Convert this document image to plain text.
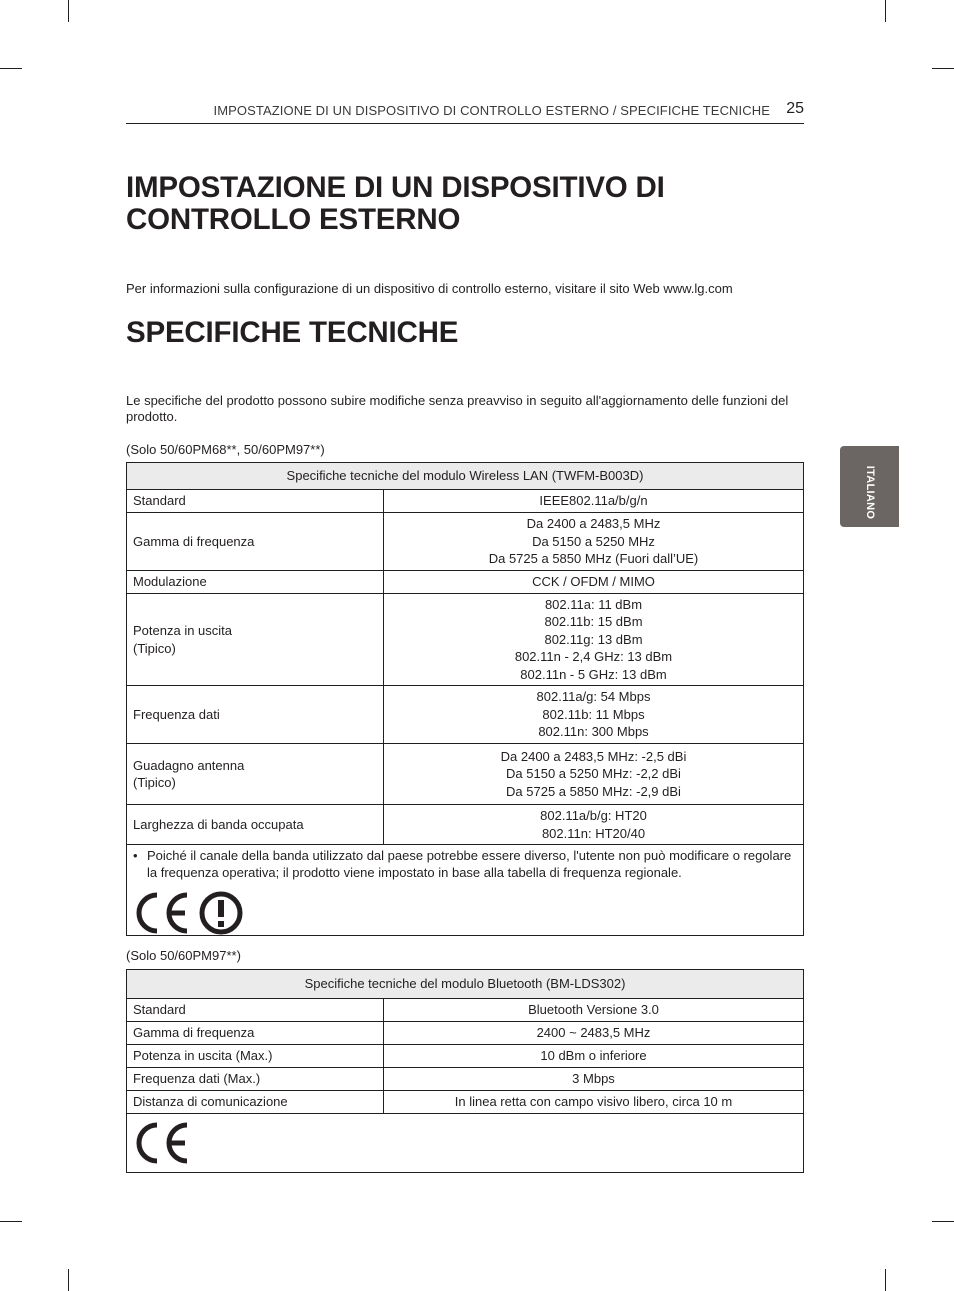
IMPOSTAZIONE DI UN DISPOSITIVO DI CONTROLLO ESTERNO / SPECIFICHE TECNICHE 25
ITALIANO
IMPOSTAZIONE DI UN DISPOSITIVO DI
CONTROLLO ESTERNO
Per informazioni sulla configurazione di un dispositivo di controllo esterno, visitare il sito Web www.lg.com
SPECIFICHE TECNICHE
Le specifiche del prodotto possono subire modifiche senza preavviso in seguito all'aggiornamento delle funzioni del prodotto.
(Solo 50/60PM68**, 50/60PM97**)
Specifiche tecniche del modulo Wireless LAN (TWFM-B003D)	

Standard	IEEE802.11a/b/g/n

Gamma di frequenza	Da 2400 a 2483,5 MHz
Da 5150 a 5250 MHz
Da 5725 a 5850 MHz (Fuori dall’UE)

Modulazione	CCK / OFDM / MIMO

Potenza in uscita
(Tipico)	802.11a: 11 dBm
802.11b: 15 dBm
802.11g: 13 dBm
802.11n - 2,4 GHz: 13 dBm
802.11n - 5 GHz: 13 dBm

Frequenza dati	802.11a/g: 54 Mbps
802.11b: 11 Mbps
802.11n: 300 Mbps

Guadagno antenna
(Tipico)	Da 2400 a 2483,5 MHz: -2,5 dBi
Da 5150 a 5250 MHz: -2,2 dBi
Da 5725 a 5850 MHz: -2,9 dBi

Larghezza di banda occupata	802.11a/b/g: HT20
802.11n: HT20/40

• Poiché il canale della banda utilizzato dal paese potrebbe essere diverso, l'utente non può modificare o regolare la frequenza operativa; il prodotto viene impostato in base alla tabella di frequenza regionale.	
(Solo 50/60PM97**)
Specifiche tecniche del modulo Bluetooth (BM-LDS302)	

Standard	Bluetooth Versione 3.0

Gamma di frequenza	2400 ~ 2483,5 MHz

Potenza in uscita (Max.)	10 dBm o inferiore

Frequenza dati (Max.)	3 Mbps

Distanza di comunicazione	In linea retta con campo visivo libero, circa 10 m
